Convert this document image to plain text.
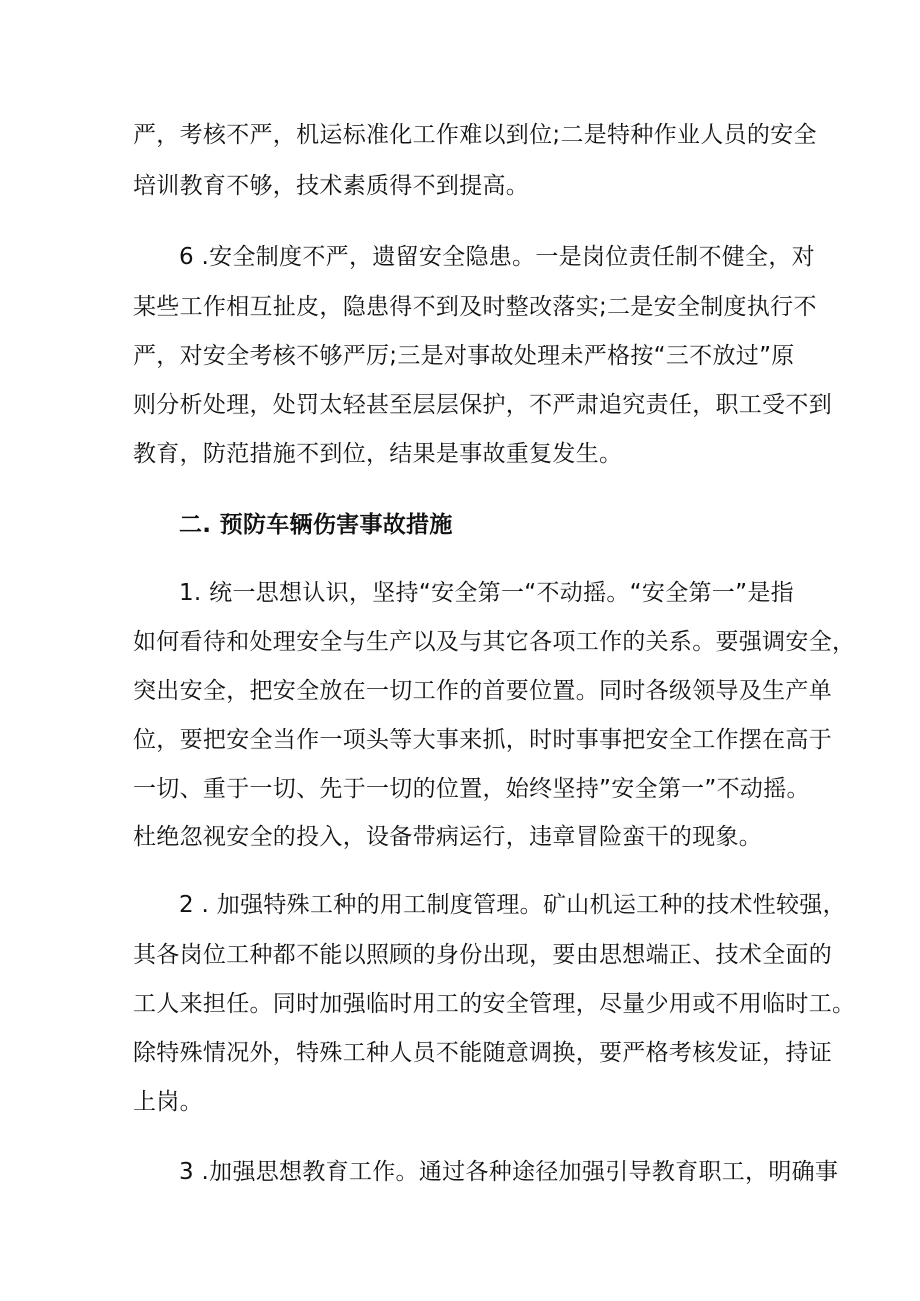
严，考核不严，机运标准化工作难以到位;二是特种作业人员的安全
培训教育不够，技术素质得不到提高。
6 .安全制度不严，遗留安全隐患。一是岗位责任制不健全，对
某些工作相互扯皮，隐患得不到及时整改落实;二是安全制度执行不
严，对安全考核不够严厉;三是对事故处理未严格按“三不放过”原
则分析处理，处罚太轻甚至层层保护，不严肃追究责任，职工受不到
教育，防范措施不到位，结果是事故重复发生。
二. 预防车辆伤害事故措施
1. 统一思想认识，坚持“安全第一“不动摇。“安全第一”是指
如何看待和处理安全与生产以及与其它各项工作的关系。要强调安全，
突出安全，把安全放在一切工作的首要位置。同时各级领导及生产单
位，要把安全当作一项头等大事来抓，时时事事把安全工作摆在高于
一切、重于一切、先于一切的位置，始终坚持”安全第一”不动摇。
杜绝忽视安全的投入，设备带病运行，违章冒险蛮干的现象。
2 . 加强特殊工种的用工制度管理。矿山机运工种的技术性较强，
其各岗位工种都不能以照顾的身份出现，要由思想端正、技术全面的
工人来担任。同时加强临时用工的安全管理，尽量少用或不用临时工。
除特殊情况外，特殊工种人员不能随意调换，要严格考核发证，持证
上岗。
3 .加强思想教育工作。通过各种途径加强引导教育职工，明确事
